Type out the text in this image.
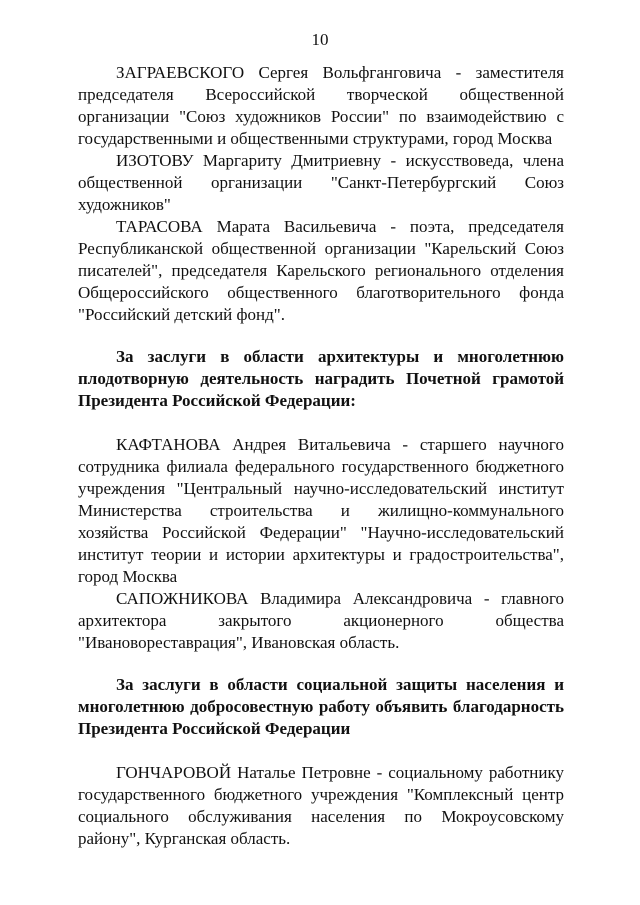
10

ЗАГРАЕВСКОГО Сергея Вольфганговича - заместителя председателя Всероссийской творческой общественной организации "Союз художников России" по взаимодействию с государственными и общественными структурами, город Москва

ИЗОТОВУ Маргариту Дмитриевну - искусствоведа, члена общественной организации "Санкт-Петербургский Союз художников"

ТАРАСОВА Марата Васильевича - поэта, председателя Республиканской общественной организации "Карельский Союз писателей", председателя Карельского регионального отделения Общероссийского общественного благотворительного фонда "Российский детский фонд".

За заслуги в области архитектуры и многолетнюю плодотворную деятельность наградить Почетной грамотой Президента Российской Федерации:

КАФТАНОВА Андрея Витальевича - старшего научного сотрудника филиала федерального государственного бюджетного учреждения "Центральный научно-исследовательский институт Министерства строительства и жилищно-коммунального хозяйства Российской Федерации" "Научно-исследовательский институт теории и истории архитектуры и градостроительства", город Москва

САПОЖНИКОВА Владимира Александровича - главного архитектора закрытого акционерного общества "Ивановореставрация", Ивановская область.

За заслуги в области социальной защиты населения и многолетнюю добросовестную работу объявить благодарность Президента Российской Федерации

ГОНЧАРОВОЙ Наталье Петровне - социальному работнику государственного бюджетного учреждения "Комплексный центр социального обслуживания населения по Мокроусовскому району", Курганская область.
